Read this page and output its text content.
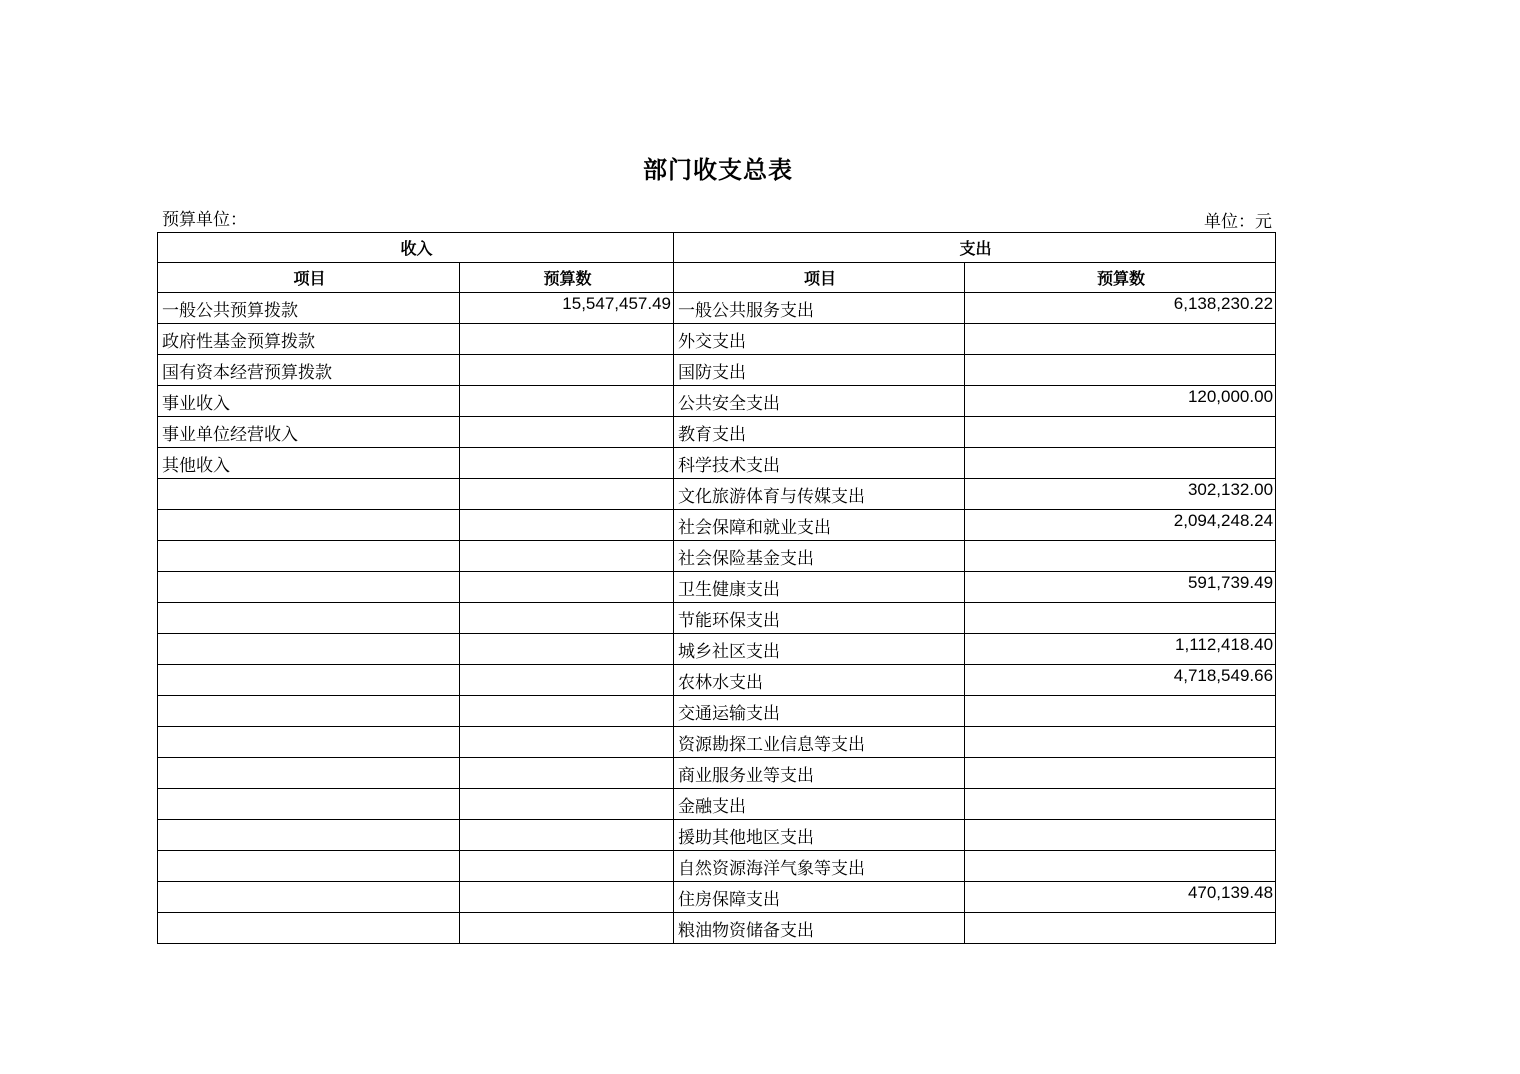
部门收支总表
预算单位：	单位：元
收入		支出	
项目	预算数	项目	预算数
一般公共预算拨款	15,547,457.49	一般公共服务支出	6,138,230.22
政府性基金预算拨款		外交支出	
国有资本经营预算拨款		国防支出	
事业收入		公共安全支出	120,000.00
事业单位经营收入		教育支出	
其他收入		科学技术支出	
		文化旅游体育与传媒支出	302,132.00
		社会保障和就业支出	2,094,248.24
		社会保险基金支出	
		卫生健康支出	591,739.49
		节能环保支出	
		城乡社区支出	1,112,418.40
		农林水支出	4,718,549.66
		交通运输支出	
		资源勘探工业信息等支出	
		商业服务业等支出	
		金融支出	
		援助其他地区支出	
		自然资源海洋气象等支出	
		住房保障支出	470,139.48
		粮油物资储备支出	
